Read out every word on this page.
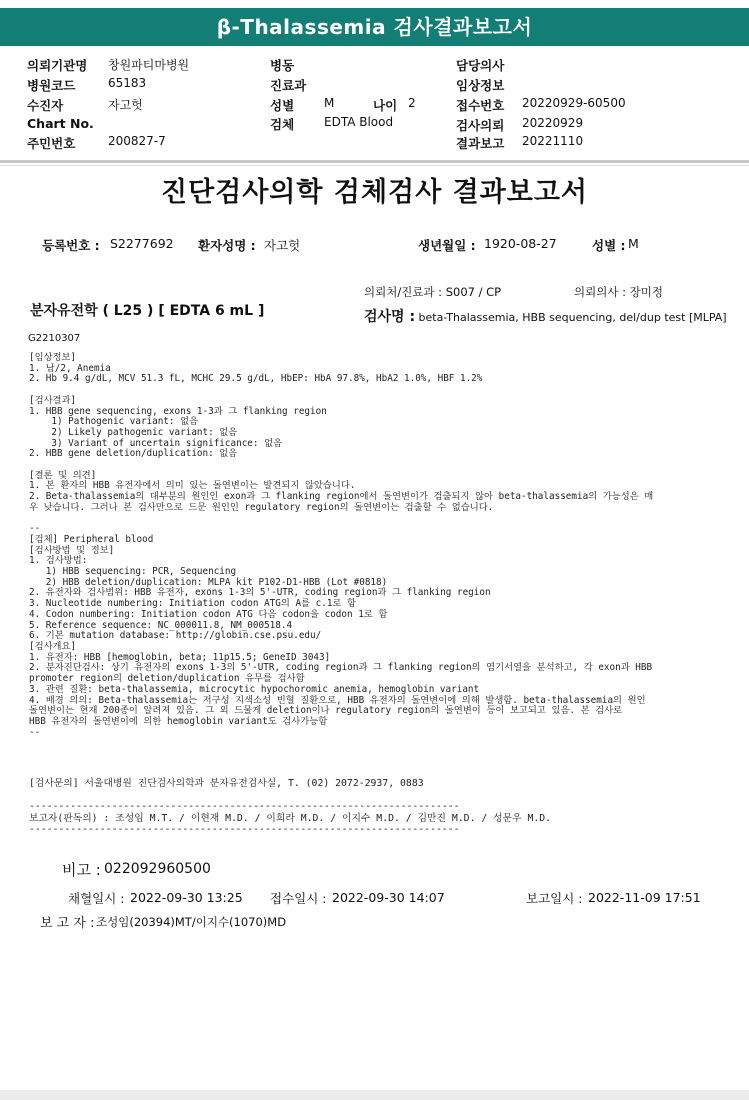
β-Thalassemia 검사결과보고서
의뢰기관명 창원파티마병원
병원코드	65183
수진자	자고헛
Chart No.
주민번호	200827-7
병동
진료과
성별 M	나이 2
검체 EDTA Blood
담당의사
임상정보
접수번호 20220929-60500
검사의뢰 20220929
결과보고 20221110
진단검사의학 검체검사 결과보고서
등록번호 : S2277692 환자성명 : 자고헛	생년월일 : 1920-08-27	성별 : M
의뢰처/진료과 : S007 / CP	의뢰의사 : 장미정
분자유전학 ( L25 ) [ EDTA 6 mL ]	검사명 : beta-Thalassemia, HBB sequencing, del/dup test [MLPA]
G2210307
[임상정보]
1. 남/2, Anemia
2. Hb 9.4 g/dL, MCV 51.3 fL, MCHC 29.5 g/dL, HbEP: HbA 97.8%, HbA2 1.0%, HBF 1.2%

[검사결과]
1. HBB gene sequencing, exons 1-3과 그 flanking region
1) Pathogenic variant: 없음
2) Likely pathogenic variant: 없음
3) Variant of uncertain significance: 없음
2. HBB gene deletion/duplication: 없음

[결론 및 의견]
1. 본 환자의 HBB 유전자에서 의미 있는 돌연변이는 발견되지 않았습니다.
2. Beta-thalassemia의 대부분의 원인인 exon과 그 flanking region에서 돌연변이가 검출되지 않아 beta-thalassemia의 가능성은 매
우 낮습니다. 그러나 본 검사만으로 드문 원인인 regulatory region의 돌연변이는 검출할 수 없습니다.

--
[검체] Peripheral blood
[검사방법 및 정보]
1. 검사방법:
1) HBB sequencing: PCR, Sequencing
2) HBB deletion/duplication: MLPA kit P102-D1-HBB (Lot #0818)
2. 유전자와 검사범위: HBB 유전자, exons 1-3의 5'-UTR, coding region과 그 flanking region
3. Nucleotide numbering: Initiation codon ATG의 A를 c.1로 함
4. Codon numbering: Initiation codon ATG 다음 codon을 codon 1로 함
5. Reference sequence: NC_000011.8, NM_000518.4
6. 기본 mutation database: http://globin.cse.psu.edu/
[검사개요]
1. 유전자: HBB [hemoglobin, beta; 11p15.5; GeneID 3043]
2. 분자진단검사: 상기 유전자의 exons 1-3의 5'-UTR, coding region과 그 flanking region의 염기서열을 분석하고, 각 exon과 HBB
promoter region의 deletion/duplication 유무를 검사함
3. 관련 질환: beta-thalassemia, microcytic hypochoromic anemia, hemoglobin variant
4. 배경 의의: Beta-thalassemia는 저구성 지색소성 빈혈 질환으로, HBB 유전자의 돌연변이에 의해 발생함. beta-thalassemia의 원인
돌연변이는 현재 200종이 알려져 있음. 그 외 드물게 deletion이나 regulatory region의 돌연변이 등이 보고되고 있음. 본 검사로
HBB 유전자의 돌연변이에 의한 hemoglobin variant도 검사가능함
--
[검사문의] 서울대병원 진단검사의학과 분자유전검사실, T. (02) 2072-2937, 0883

-------------------------------------------------------------------------
보고자(판독의) : 조성임 M.T. / 이현재 M.D. / 이희라 M.D. / 이지수 M.D. / 김만진 M.D. / 성문우 M.D.
-------------------------------------------------------------------------
비고 : 022092960500
채혈일시 : 2022-09-30 13:25 접수일시 : 2022-09-30 14:07	보고일시 : 2022-11-09 17:51
보 고 자 : 조성임(20394)MT/이지수(1070)MD
